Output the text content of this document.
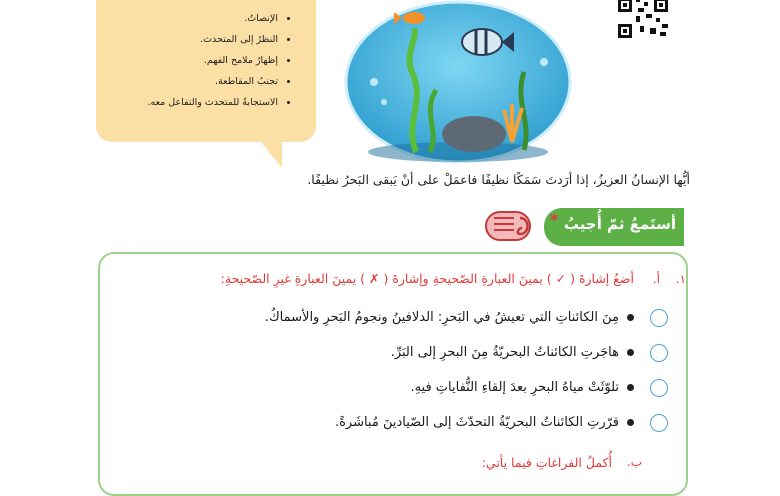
• الإنصاتُ.
• النظرُ إلى المتحدث.
• إظهارُ ملامح الفهم.
• تجنبُ المقاطعة.
• الاستجابةُ للمتحدث والتفاعل معه.
أيُّها الإنسانُ العزيزُ، إذا أرَدتَ سَمَكًا نظيفًا فاعمَلْ على أنْ يَبقى البَحرُ نظيفًا.
أستَمعُ ثمّ أُجيبُ
*
١.
أ.
أضعُ إشارةَ ( ✓ ) يمينَ العبارةِ الصّحيحةِ وإشارةَ ( ✗ ) يمينَ العبارةِ غيرِ الصّحيحةِ:
مِنَ الكائناتِ التي تعيشُ في البَحرِ: الدلافينُ ونجومُ البَحرِ والأسماكُ.
هاجَرتِ الكائناتُ البحريّةُ مِنَ البحرِ إلى البَرِّ.
تلوّثَتْ مياهُ البحرِ بعدَ إلقاءِ النُّفاياتِ فيهِ.
قرّرتِ الكائناتُ البحريّةُ التحدّثَ إلى الصّيادينَ مُباشَرةً.
ب.
أُكملُ الفراغاتِ فيما يأتي:
